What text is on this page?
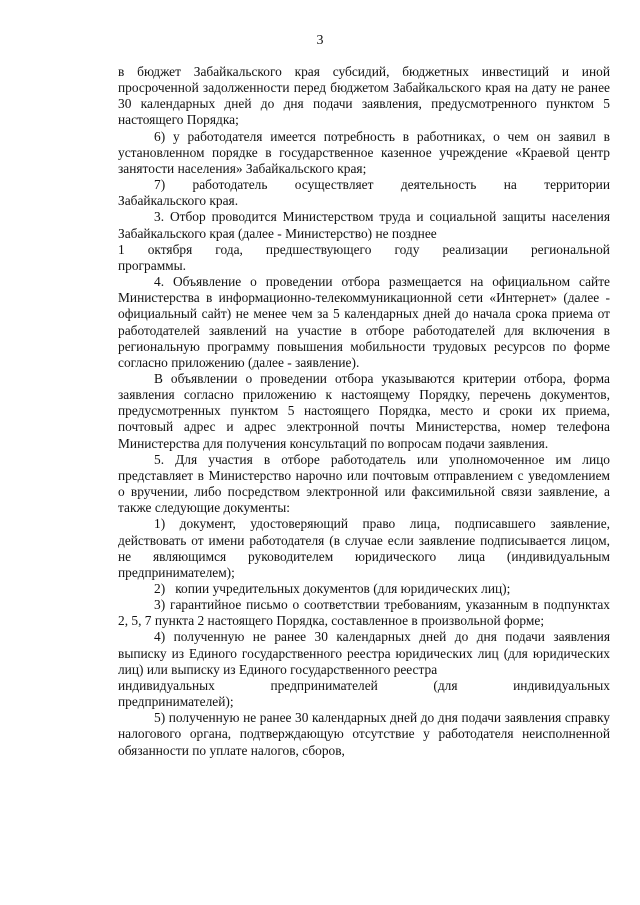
3

в бюджет Забайкальского края субсидий, бюджетных инвестиций и иной просроченной задолженности перед бюджетом Забайкальского края на дату не ранее 30 календарных дней до дня подачи заявления, предусмотренного пунктом 5 настоящего Порядка;

6) у работодателя имеется потребность в работниках, о чем он заявил в установленном порядке в государственное казенное учреждение «Краевой центр занятости населения» Забайкальского края;

7) работодатель осуществляет деятельность на территории

Забайкальского края.

3. Отбор проводится Министерством труда и социальной защиты населения Забайкальского края (далее - Министерство) не позднее

1 октября года, предшествующего году реализации региональной

программы.

4. Объявление о проведении отбора размещается на официальном сайте Министерства в информационно-телекоммуникационной сети «Интернет» (далее - официальный сайт) не менее чем за 5 календарных дней до начала срока приема от работодателей заявлений на участие в отборе работодателей для включения в региональную программу повышения мобильности трудовых ресурсов по форме согласно приложению (далее - заявление).

В объявлении о проведении отбора указываются критерии отбора, форма заявления согласно приложению к настоящему Порядку, перечень документов, предусмотренных пунктом 5 настоящего Порядка, место и сроки их приема, почтовый адрес и адрес электронной почты Министерства, номер телефона Министерства для получения консультаций по вопросам подачи заявления.

5. Для участия в отборе работодатель или уполномоченное им лицо представляет в Министерство нарочно или почтовым отправлением с уведомлением о вручении, либо посредством электронной или факсимильной связи заявление, а также следующие документы:

1) документ, удостоверяющий право лица, подписавшего заявление, действовать от имени работодателя (в случае если заявление подписывается лицом, не являющимся руководителем юридического лица (индивидуальным предпринимателем);

2)   копии учредительных документов (для юридических лиц);

3) гарантийное письмо о соответствии требованиям, указанным в подпунктах 2, 5, 7 пункта 2 настоящего Порядка, составленное в произвольной форме;

4) полученную не ранее 30 календарных дней до дня подачи заявления выписку из Единого государственного реестра юридических лиц (для юридических лиц) или выписку из Единого государственного реестра

индивидуальных	предпринимателей	(для	индивидуальных

предпринимателей);

5) полученную не ранее 30 календарных дней до дня подачи заявления справку налогового органа, подтверждающую отсутствие у работодателя неисполненной обязанности по уплате налогов, сборов,
